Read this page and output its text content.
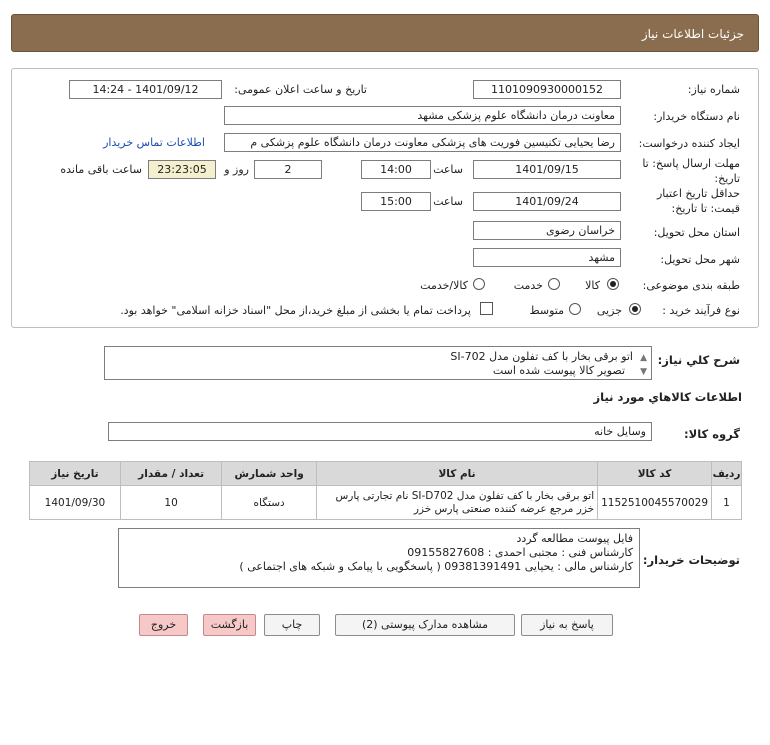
جزئیات اطلاعات نیاز
شماره نیاز:
1101090930000152
تاریخ و ساعت اعلان عمومی:
1401/09/12 - 14:24
نام دستگاه خریدار:
معاونت درمان دانشگاه علوم پزشکی مشهد
ایجاد کننده درخواست:
رضا یحیایی تکنیسین فوریت های پزشکی معاونت درمان دانشگاه علوم پزشکی م
اطلاعات تماس خریدار
مهلت ارسال پاسخ: تا
تاریخ:
1401/09/15
ساعت
14:00
2
روز و
23:23:05
ساعت باقی مانده
حداقل تاریخ اعتبار
قیمت: تا تاریخ:
1401/09/24
ساعت
15:00
استان محل تحویل:
خراسان رضوی
شهر محل تحویل:
مشهد
طبقه بندی موضوعی:
کالا
خدمت
کالا/خدمت
نوع فرآیند خرید :
جزیی
متوسط
پرداخت تمام یا بخشی از مبلغ خرید،از محل "اسناد خزانه اسلامی" خواهد بود.
شرح کلي نياز:
▲
▼
اتو برقی بخار با کف تفلون مدل SI-702
تصویر کالا پیوست شده است
اطلاعات کالاهاي مورد نياز
گروه کالا:
وسایل خانه
ردیف	کد کالا	نام کالا	واحد شمارش	تعداد / مقدار	تاریخ نیاز
1	1152510045570029	اتو برقی بخار با کف تفلون مدل SI-D702 نام تجارتی پارس خزر مرجع عرضه کننده صنعتی پارس خزر	دستگاه	10	1401/09/30
توضیحات خریدار:
فایل پیوست مطالعه گردد
کارشناس فنی : مجتبی احمدی : 09155827608
کارشناس مالی : یحیایی 09381391491 ( پاسخگویی با پیامک و شبکه های اجتماعی )
پاسخ به نیاز
مشاهده مدارک پیوستی (2)
چاپ
بازگشت
خروج
